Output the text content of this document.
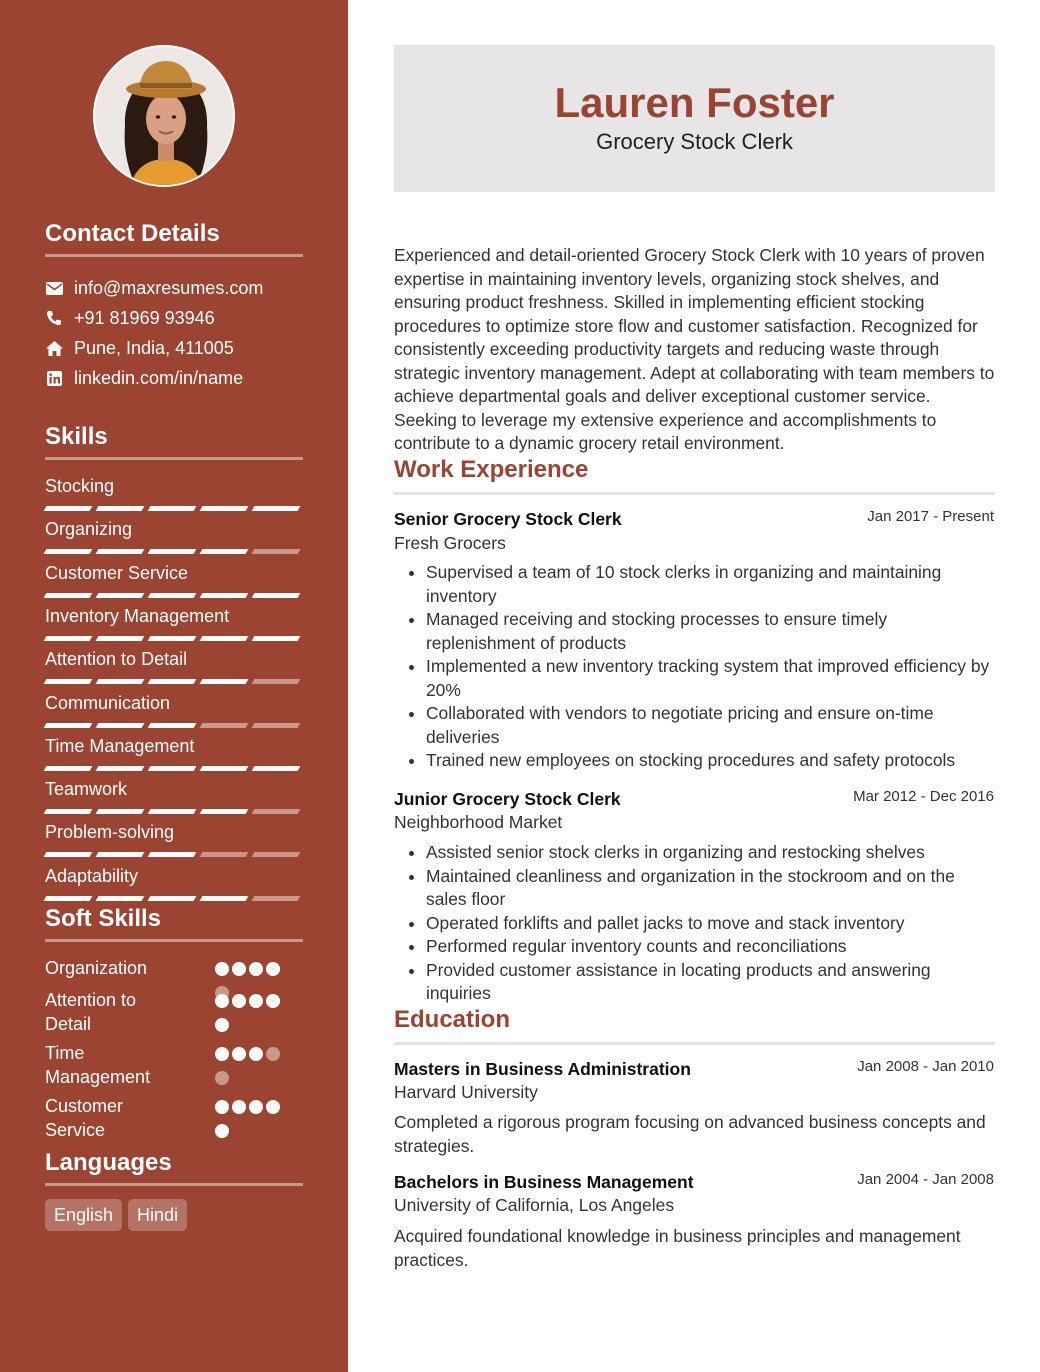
Contact Details
info@maxresumes.com
+91 81969 93946
Pune, India, 411005
linkedin.com/in/name
Skills
Stocking
Organizing
Customer Service
Inventory Management
Attention to Detail
Communication
Time Management
Teamwork
Problem-solving
Adaptability
Soft Skills
Organization
Attention to Detail
Time Management
Customer Service
Languages
English	Hindi
Lauren Foster
Grocery Stock Clerk
Experienced and detail-oriented Grocery Stock Clerk with 10 years of proven expertise in maintaining inventory levels, organizing stock shelves, and ensuring product freshness. Skilled in implementing efficient stocking procedures to optimize store flow and customer satisfaction. Recognized for consistently exceeding productivity targets and reducing waste through strategic inventory management. Adept at collaborating with team members to achieve departmental goals and deliver exceptional customer service. Seeking to leverage my extensive experience and accomplishments to contribute to a dynamic grocery retail environment.
Work Experience
Senior Grocery Stock Clerk	Jan 2017 - Present
Fresh Grocers
Supervised a team of 10 stock clerks in organizing and maintaining inventory
Managed receiving and stocking processes to ensure timely replenishment of products
Implemented a new inventory tracking system that improved efficiency by 20%
Collaborated with vendors to negotiate pricing and ensure on-time deliveries
Trained new employees on stocking procedures and safety protocols
Junior Grocery Stock Clerk	Mar 2012 - Dec 2016
Neighborhood Market
Assisted senior stock clerks in organizing and restocking shelves
Maintained cleanliness and organization in the stockroom and on the sales floor
Operated forklifts and pallet jacks to move and stack inventory
Performed regular inventory counts and reconciliations
Provided customer assistance in locating products and answering inquiries
Education
Masters in Business Administration	Jan 2008 - Jan 2010
Harvard University
Completed a rigorous program focusing on advanced business concepts and strategies.
Bachelors in Business Management	Jan 2004 - Jan 2008
University of California, Los Angeles
Acquired foundational knowledge in business principles and management practices.
